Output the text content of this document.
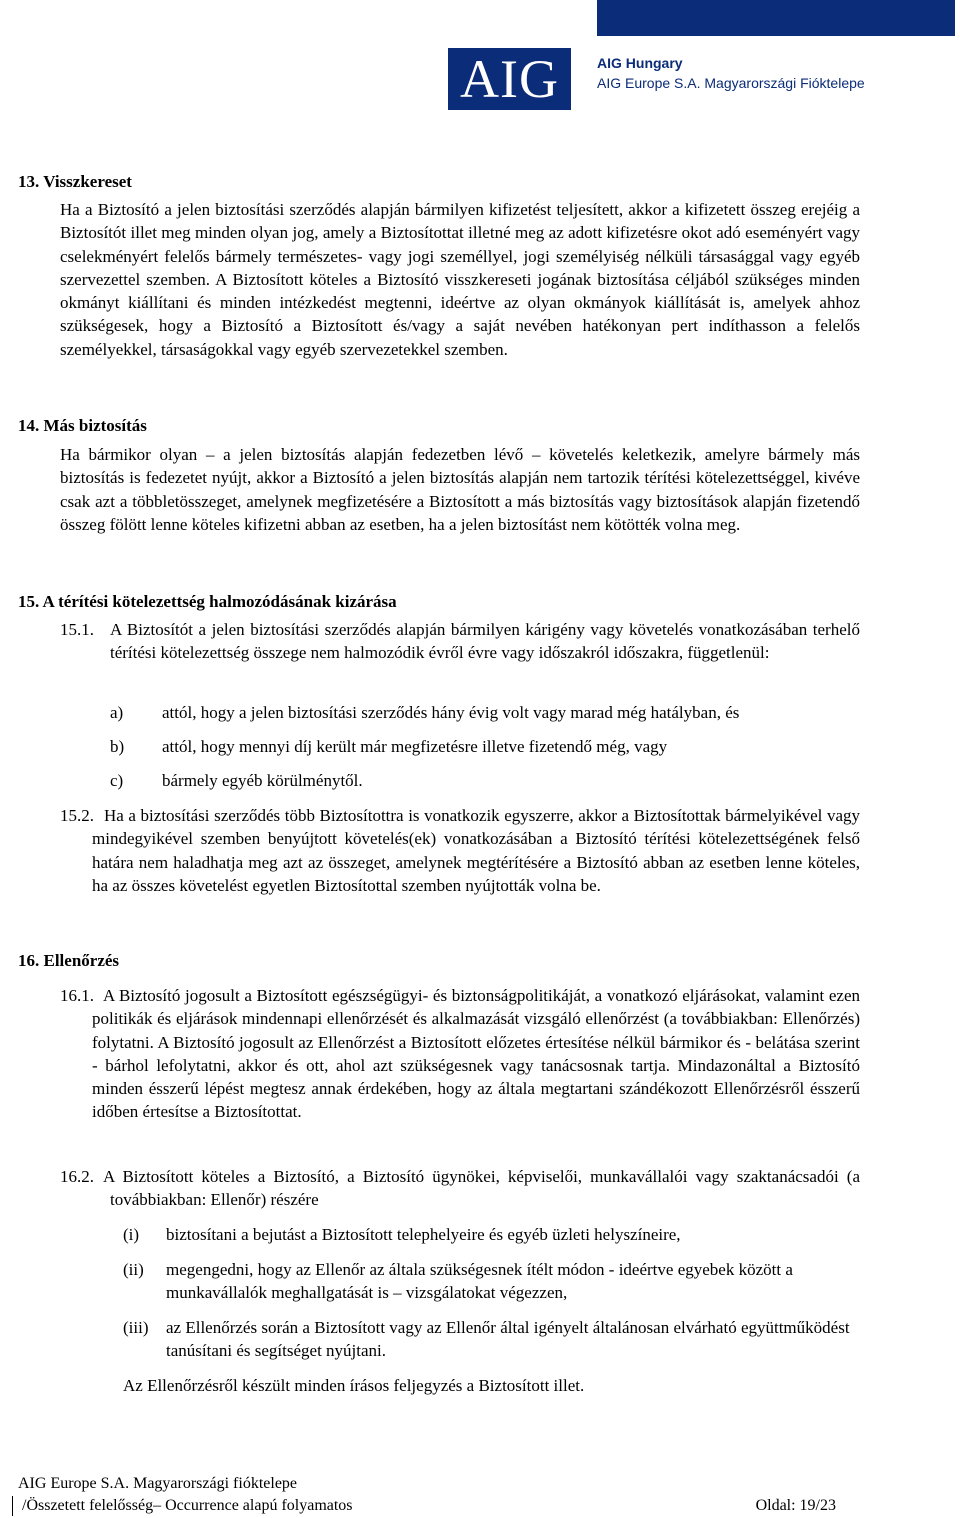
AIG	AIG Hungary
AIG Europe S.A. Magyarországi Fióktelepe
13. Visszkereset

Ha a Biztosító a jelen biztosítási szerződés alapján bármilyen kifizetést teljesített, akkor a kifizetett összeg erejéig a Biztosítót illet meg minden olyan jog, amely a Biztosítottat illetné meg az adott kifizetésre okot adó eseményért vagy cselekményért felelős bármely természetes- vagy jogi személlyel, jogi személyiség nélküli társasággal vagy egyéb szervezettel szemben. A Biztosított köteles a Biztosító visszkereseti jogának biztosítása céljából szükséges minden okmányt kiállítani és minden intézkedést megtenni, ideértve az olyan okmányok kiállítását is, amelyek ahhoz szükségesek, hogy a Biztosító a Biztosított és/vagy a saját nevében hatékonyan pert indíthasson a felelős személyekkel, társaságokkal vagy egyéb szervezetekkel szemben.

14. Más biztosítás

Ha bármikor olyan – a jelen biztosítás alapján fedezetben lévő – követelés keletkezik, amelyre bármely más biztosítás is fedezetet nyújt, akkor a Biztosító a jelen biztosítás alapján nem tartozik térítési kötelezettséggel, kivéve csak azt a többletösszeget, amelynek megfizetésére a Biztosított a más biztosítás vagy biztosítások alapján fizetendő összeg fölött lenne köteles kifizetni abban az esetben, ha a jelen biztosítást nem kötötték volna meg.

15. A térítési kötelezettség halmozódásának kizárása
15.1. A Biztosítót a jelen biztosítási szerződés alapján bármilyen kárigény vagy követelés vonatkozásában terhelő térítési kötelezettség összege nem halmozódik évről évre vagy időszakról időszakra, függetlenül:

a) attól, hogy a jelen biztosítási szerződés hány évig volt vagy marad még hatályban, és
b) attól, hogy mennyi díj került már megfizetésre illetve fizetendő még, vagy
c) bármely egyéb körülménytől.
15.2. Ha a biztosítási szerződés több Biztosítottra is vonatkozik egyszerre, akkor a Biztosítottak bármelyikével vagy mindegyikével szemben benyújtott követelés(ek) vonatkozásában a Biztosító térítési kötelezettségének felső határa nem haladhatja meg azt az összeget, amelynek megtérítésére a Biztosító abban az esetben lenne köteles, ha az összes követelést egyetlen Biztosítottal szemben nyújtották volna be.

16. Ellenőrzés
16.1. A Biztosító jogosult a Biztosított egészségügyi- és biztonságpolitikáját, a vonatkozó eljárásokat, valamint ezen politikák és eljárások mindennapi ellenőrzését és alkalmazását vizsgáló ellenőrzést (a továbbiakban: Ellenőrzés) folytatni. A Biztosító jogosult az Ellenőrzést a Biztosított előzetes értesítése nélkül bármikor és - belátása szerint - bárhol lefolytatni, akkor és ott, ahol azt szükségesnek vagy tanácsosnak tartja. Mindazonáltal a Biztosító minden ésszerű lépést megtesz annak érdekében, hogy az általa megtartani szándékozott Ellenőrzésről ésszerű időben értesítse a Biztosítottat.

16.2. A Biztosított köteles a Biztosító, a Biztosító ügynökei, képviselői, munkavállalói vagy szaktanácsadói (a továbbiakban: Ellenőr) részére

(i) biztosítani a bejutást a Biztosított telephelyeire és egyéb üzleti helyszíneire,

(ii) megengedni, hogy az Ellenőr az általa szükségesnek ítélt módon - ideértve egyebek között a munkavállalók meghallgatását is – vizsgálatokat végezzen,

(iii) az Ellenőrzés során a Biztosított vagy az Ellenőr által igényelt általánosan elvárható együttműködést tanúsítani és segítséget nyújtani.

Az Ellenőrzésről készült minden írásos feljegyzés a Biztosított illet.
AIG Europe S.A. Magyarországi fióktelepe
/Összetett felelősség– Occurrence alapú folyamatos	Oldal: 19/23
